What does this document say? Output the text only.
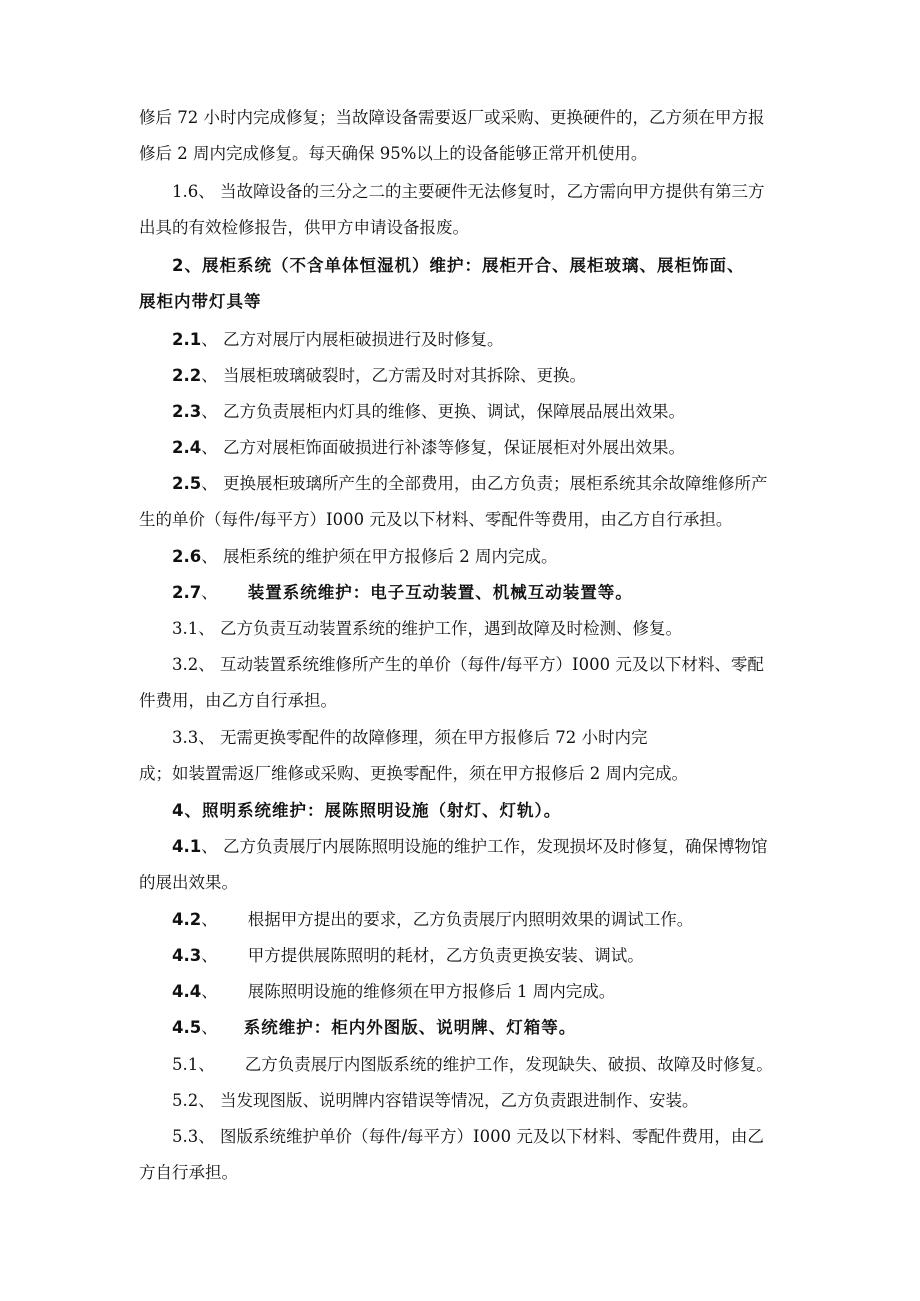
修后 72 小时内完成修复；当故障设备需要返厂或采购、更换硬件的，乙方须在甲方报
修后 2 周内完成修复。每天确保 95%以上的设备能够正常开机使用。
1.6、 当故障设备的三分之二的主要硬件无法修复时，乙方需向甲方提供有第三方
出具的有效检修报告，供甲方申请设备报废。
2、展柜系统（不含单体恒湿机）维护：展柜开合、展柜玻璃、展柜饰面、
展柜内带灯具等
2.1、 乙方对展厅内展柜破损进行及时修复。
2.2、 当展柜玻璃破裂时，乙方需及时对其拆除、更换。
2.3、 乙方负责展柜内灯具的维修、更换、调试，保障展品展出效果。
2.4、 乙方对展柜饰面破损进行补漆等修复，保证展柜对外展出效果。
2.5、 更换展柜玻璃所产生的全部费用，由乙方负责；展柜系统其余故障维修所产
生的单价（每件/每平方）I000 元及以下材料、零配件等费用，由乙方自行承担。
2.6、 展柜系统的维护须在甲方报修后 2 周内完成。
2.7、 装置系统维护：电子互动装置、机械互动装置等。
3.1、 乙方负责互动装置系统的维护工作，遇到故障及时检测、修复。
3.2、 互动装置系统维修所产生的单价（每件/每平方）I000 元及以下材料、零配
件费用，由乙方自行承担。
3.3、 无需更换零配件的故障修理，须在甲方报修后 72 小时内完
成；如装置需返厂维修或采购、更换零配件，须在甲方报修后 2 周内完成。
4、照明系统维护：展陈照明设施（射灯、灯轨）。
4.1、 乙方负责展厅内展陈照明设施的维护工作，发现损坏及时修复，确保博物馆
的展出效果。
4.2、 根据甲方提出的要求，乙方负责展厅内照明效果的调试工作。
4.3、 甲方提供展陈照明的耗材，乙方负责更换安装、调试。
4.4、 展陈照明设施的维修须在甲方报修后 1 周内完成。
4.5、 系统维护：柜内外图版、说明牌、灯箱等。
5.1、 乙方负责展厅内图版系统的维护工作，发现缺失、破损、故障及时修复。
5.2、 当发现图版、说明牌内容错误等情况，乙方负责跟进制作、安装。
5.3、 图版系统维护单价（每件/每平方）I000 元及以下材料、零配件费用，由乙
方自行承担。
